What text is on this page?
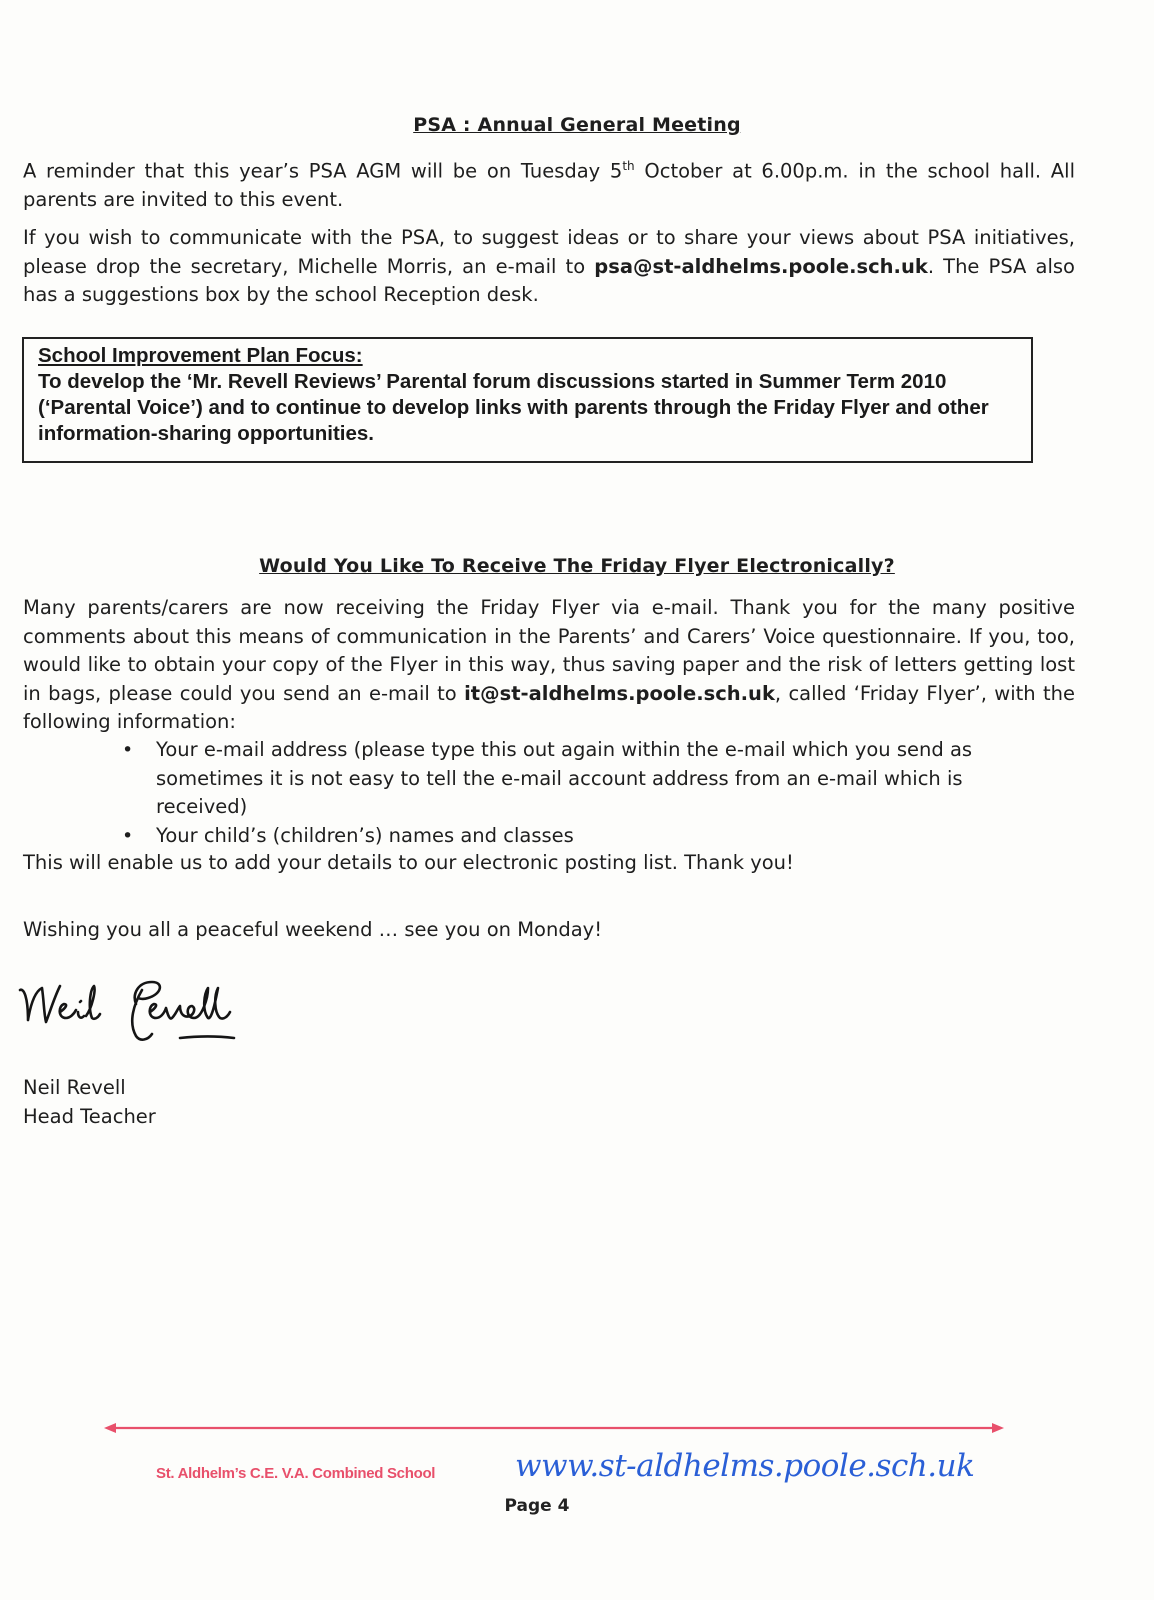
PSA : Annual General Meeting
A reminder that this year’s PSA AGM will be on Tuesday 5th October at 6.00p.m. in the school hall. All parents are invited to this event.
If you wish to communicate with the PSA, to suggest ideas or to share your views about PSA initiatives, please drop the secretary, Michelle Morris, an e-mail to psa@st-aldhelms.poole.sch.uk. The PSA also has a suggestions box by the school Reception desk.
School Improvement Plan Focus:
To develop the ‘Mr. Revell Reviews’ Parental forum discussions started in Summer Term 2010 (‘Parental Voice’) and to continue to develop links with parents through the Friday Flyer and other information-sharing opportunities.
Would You Like To Receive The Friday Flyer Electronically?
Many parents/carers are now receiving the Friday Flyer via e-mail. Thank you for the many positive comments about this means of communication in the Parents’ and Carers’ Voice questionnaire. If you, too, would like to obtain your copy of the Flyer in this way, thus saving paper and the risk of letters getting lost in bags, please could you send an e-mail to it@st-aldhelms.poole.sch.uk, called ‘Friday Flyer’, with the following information:
• Your e-mail address (please type this out again within the e-mail which you send as sometimes it is not easy to tell the e-mail account address from an e-mail which is received)
• Your child’s (children’s) names and classes
This will enable us to add your details to our electronic posting list. Thank you!
Wishing you all a peaceful weekend … see you on Monday!
Neil Revell
Head Teacher
St. Aldhelm’s C.E. V.A. Combined School	www.st-aldhelms.poole.sch.uk
Page 4
